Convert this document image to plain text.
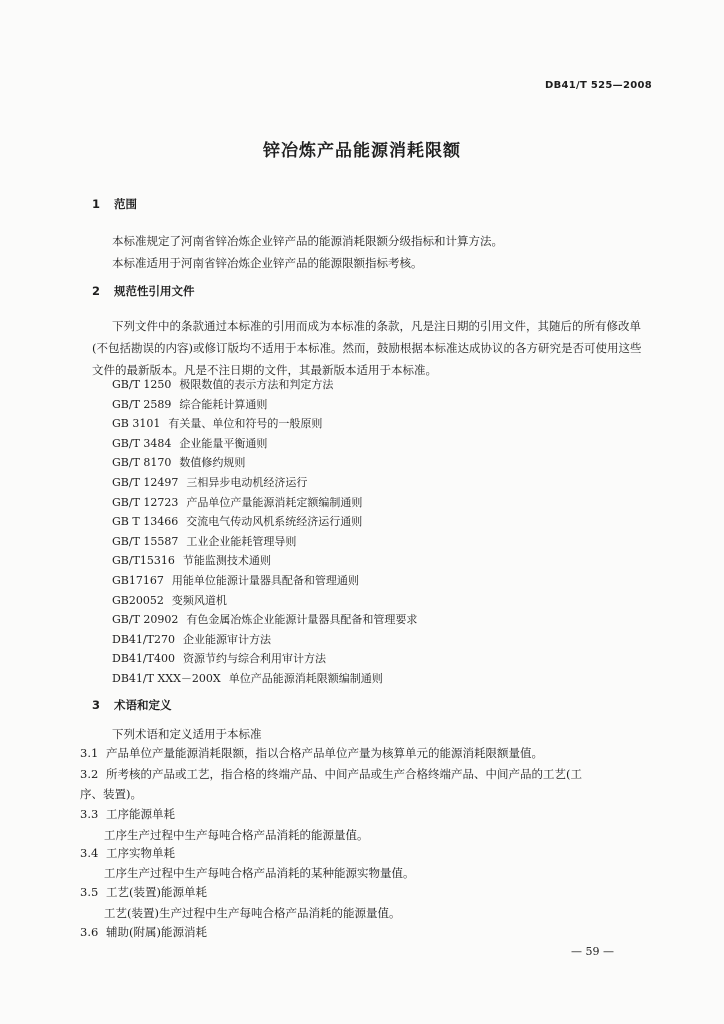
DB41/T 525—2008
锌冶炼产品能源消耗限额
1 范围
本标准规定了河南省锌冶炼企业锌产品的能源消耗限额分级指标和计算方法。
本标准适用于河南省锌冶炼企业锌产品的能源限额指标考核。
2 规范性引用文件
下列文件中的条款通过本标准的引用而成为本标准的条款，凡是注日期的引用文件，其随后的所有修改单(不包括勘误的内容)或修订版均不适用于本标准。然而，鼓励根据本标准达成协议的各方研究是否可使用这些文件的最新版本。凡是不注日期的文件，其最新版本适用于本标准。
GB/T 1250 极限数值的表示方法和判定方法
GB/T 2589 综合能耗计算通则
GB 3101 有关量、单位和符号的一般原则
GB/T 3484 企业能量平衡通则
GB/T 8170 数值修约规则
GB/T 12497 三相异步电动机经济运行
GB/T 12723 产品单位产量能源消耗定额编制通则
GB T 13466 交流电气传动风机系统经济运行通则
GB/T 15587 工业企业能耗管理导则
GB/T15316 节能监测技术通则
GB17167 用能单位能源计量器具配备和管理通则
GB20052 变频风道机
GB/T 20902 有色金属冶炼企业能源计量器具配备和管理要求
DB41/T270 企业能源审计方法
DB41/T400 资源节约与综合利用审计方法
DB41/T XXX－200X 单位产品能源消耗限额编制通则
3 术语和定义
下列术语和定义适用于本标准
3.1 产品单位产量能源消耗限额，指以合格产品单位产量为核算单元的能源消耗限额量值。
3.2 所考核的产品或工艺，指合格的终端产品、中间产品或生产合格终端产品、中间产品的工艺(工
序、装置)。
3.3 工序能源单耗
工序生产过程中生产每吨合格产品消耗的能源量值。
3.4 工序实物单耗
工序生产过程中生产每吨合格产品消耗的某种能源实物量值。
3.5 工艺(装置)能源单耗
工艺(装置)生产过程中生产每吨合格产品消耗的能源量值。
3.6 辅助(附属)能源消耗
— 59 —
